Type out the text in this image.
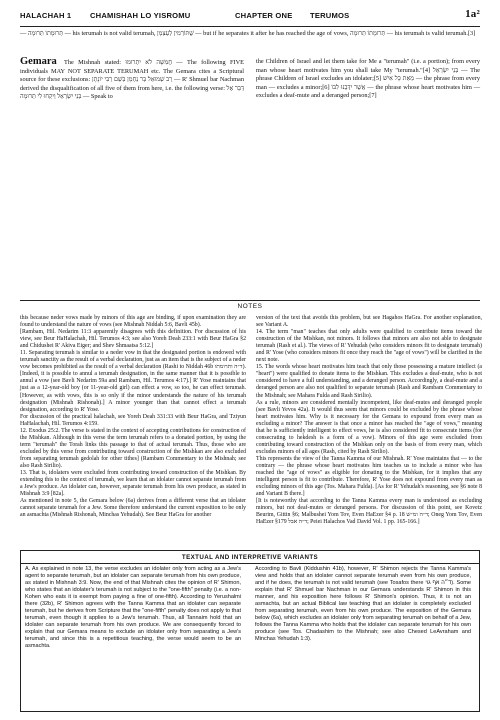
HALACHAH 1 CHAMISHAH LO YISROMU	CHAPTER ONE TERUMOS	1a²

— תְּרוּמָתוֹ תְּרוּמָה — his terumah is not valid terumah, שֶׁתּוֹרְמִין לְעַצְמָן — but if he separates it after he has reached the age of vows, תְּרוּמָתוֹ תְּרוּמָה — his terumah is valid terumah.[3]

Gemara The Mishnah stated: חֲמִשָּׁה לֹא יִתְרוּמוּ — The following FIVE individuals MAY NOT SEPARATE TERUMAH etc. The Gemara cites a Scriptural source for these exclusions: רַב שְׁמוּאֵל בַּר נַחְמָן בְּשֵׁם רַבִּי יוֹנָתָן — R' Shmuel bar Nachman derived the disqualification of all five of them from here, i.e. the following verse: דַּבֵּר אֶל בְּנֵי יִשְׂרָאֵל וְיִקְחוּ לִי תְּרוּמָה — Speak to
the Children of Israel and let them take for Me a "terumah" (i.e. a portion); from every man whose heart motivates him you shall take My "terumah."[4] בְּנֵי יִשְׂרָאֵל — The phrase Children of Israel excludes an idolater;[5] מֵאֵת כָּל אִישׁ — the phrase from every man — excludes a minor;[6] אֲשֶׁר יִדְּבֶנּוּ לִבּוֹ — the phrase whose heart motivates him — excludes a deaf-mute and a deranged person;[7]
NOTES

this because neder vows made by minors of this age are binding, if upon examination they are found to understand the nature of vows (see Mishnah Niddah 5:6, Bavli 45b).

[Rambam, Hil. Nedarim 11:3 apparently disagrees with this definition. For discussion of his view, see Beur HaHalachah, Hil. Terumos 4:3; see also Yoreh Deah 233:1 with Beur HaGra §2 and Chidushei R' Akiva Eiger; and Shev Shmaatsa 5:12.]

11. Separating terumah is similar to a neder vow in that the designated portion is endowed with terumah sanctity as the result of a verbal declaration, just as an item that is the subject of a neder vow becomes prohibited as the result of a verbal declaration (Rashi to Niddah 46b ד״ה ותרומתו). [Indeed, it is possible to annul a terumah designation, in the same manner that it is possible to annul a vow (see Bavli Nedarim 59a and Rambam, Hil. Terumos 4:17).] R' Yose maintains that just as a 12-year-old boy (or 11-year-old girl) can effect a vow, so too, he can effect terumah. [However, as with vows, this is so only if the minor understands the nature of his terumah designation (Mishnah Rishonah).] A minor younger than that cannot effect a terumah designation, according to R' Yose.

For discussion of the practical halachah, see Yoreh Deah 331:33 with Beur HaGra, and Tziyun HaHalachah, Hil. Terumos 4:159.

12. Exodus 25:2. The verse is stated in the context of accepting contributions for construction of the Mishkan. Although in this verse the term terumah refers to a donated portion, by using the term "terumah" the Torah links this passage to that of actual terumah. Thus, those who are excluded by this verse from contributing toward construction of the Mishkan are also excluded from separating terumah gedolah for other tithes] (Rambam Commentary to the Mishnah; see also Rash Sirilio).

13. That is, idolaters were excluded from contributing toward construction of the Mishkan. By extending this to the context of terumah, we learn that an idolater cannot separate terumah from a Jew's produce. An idolater can, however, separate terumah from his own produce, as stated in Mishnah 3:9 [82a].

As mentioned in note 5, the Gemara below (6a) derives from a different verse that an idolater cannot separate terumah for a Jew. Some therefore understand the current exposition to be only an asmachta (Mishnah Rishonah, Minchas Yehudah). See Beur HaGra for another

version of the text that avoids this problem, but see Hagahos HaGra. For another explanation, see Variant A.

14. The term "man" teaches that only adults were qualified to contribute items toward the construction of the Mishkan, not minors. It follows that minors are also not able to designate terumah (Rash et al.). The views of R' Yehudah (who considers minors fit to designate terumah) and R' Yose (who considers minors fit once they reach the "age of vows") will be clarified in the next note.

15. The words whose heart motivates him teach that only those possessing a mature intellect (a "heart") were qualified to donate items to the Mishkan. This excludes a deaf-mute, who is not considered to have a full understanding, and a deranged person. Accordingly, a deaf-mute and a deranged person are also not qualified to separate terumah (Rash and Rambam Commentary to the Mishnah; see Mahara Fulda and Rash Sirilio).

As a rule, minors are considered mentally incompetent, like deaf-mutes and deranged people (see Bavli Yevos 42a). It would thus seem that minors could be excluded by the phrase whose heart motivates him. Why is it necessary for the Gemara to expound from every man as excluding a minor? The answer is that once a minor has reached the "age of vows," meaning that he is sufficiently intelligent to effect vows, he is also considered fit to consecrate items (for consecrating to hekdesh is a form of a vow). Minors of this age were excluded from contributing toward construction of the Mishkan only on the basis of from every man, which excludes minors of all ages (Rash, cited by Rash Sirilio).

This represents the view of the Tanna Kamma of our Mishnah. R' Yose maintains that — to the contrary — the phrase whose heart motivates him teaches us to include a minor who has reached the "age of vows" as eligible for donating to the Mishkan, for it implies that any intelligent person is fit to contribute. Therefore, R' Yose does not expound from every man as excluding minors of this age (Tos. Mahara Fulda). [As for R' Yehudah's reasoning, see §6 note 8 and Variant B there.]

[It is noteworthy that according to the Tanna Kamma every man is understood as excluding minors, but not deaf-mutes or deranged persons. For discussion of this point, see Kovetz Beurim, Gittin §6; Malbushei Yom Tov, Even HaEzer §4 p. 18 ד״ה ומ״ש; Oneg Yom Tov, Even HaEzer §179 ד״ה אבל; Peiei Halachos Vad David Vol. 1 pp. 165-166.]

TEXTUAL AND INTERPRETIVE VARIANTS

A. As explained in note 13, the verse excludes an idolater only from acting as a Jew's agent to separate terumah, but an idolater can separate terumah from his own produce, as stated in Mishnah 3:9. Now, the end of that Mishnah cites the opinion of R' Shimon, who states that an idolater's terumah is not subject to the "one-fifth" penalty (i.e. a non-Kohen who eats it is exempt from paying a fine of one-fifth). According to Yerushalmi there (32b), R' Shimon agrees with the Tanna Kamma that an idolater can separate terumah, but he derives from Scripture that the "one-fifth" penalty does not apply to that terumah, even though it applies to a Jew's terumah. Thus, all Tannaim hold that an idolater can separate terumah from his own produce. We are consequently forced to explain that our Gemara means to exclude an idolater only from separating a Jew's terumah, and since this is a repetitious teaching, the verse would seem to be an asmachta.

According to Bavli (Kiddushin 41b), however, R' Shimon rejects the Tanna Kamma's view and holds that an idolater cannot separate terumah even from his own produce, and if he does, the terumah is not valid terumah (see Tosafos there ד״ה אף גוי). Some explain that R' Shmuel bar Nachman in our Gemara understands R' Shimon in this manner, and his exposition here follows R' Shimon's opinion. Thus, it is not an asmachta, but an actual Biblical law teaching that an idolater is completely excluded from separating terumah, even from his own produce. The exposition of the Gemara below (6a), which excludes an idolater only from separating terumah on behalf of a Jew, follows the Tanna Kamma who holds that the idolater can separate terumah for his own produce (see Tos. Chadashim to the Mishnah; see also Chesed LeAvraham and Minchas Yehudah 1:3).
